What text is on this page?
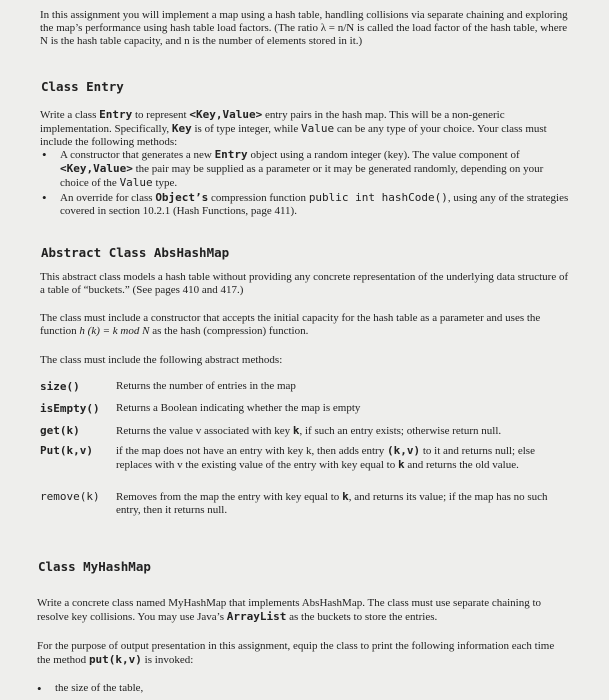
In this assignment you will implement a map using a hash table, handling collisions via separate chaining and exploring the map’s performance using hash table load factors. (The ratio λ = n/N is called the load factor of the hash table, where N is the hash table capacity, and n is the number of elements stored in it.)
Class Entry
Write a class Entry to represent <Key,Value> entry pairs in the hash map. This will be a non-generic implementation. Specifically, Key is of type integer, while Value can be any type of your choice. Your class must include the following methods:
• A constructor that generates a new Entry object using a random integer (key). The value component of <Key,Value> the pair may be supplied as a parameter or it may be generated randomly, depending on your choice of the Value type.
• An override for class Object’s compression function public int hashCode(), using any of the strategies covered in section 10.2.1 (Hash Functions, page 411).
Abstract Class AbsHashMap
This abstract class models a hash table without providing any concrete representation of the underlying data structure of a table of “buckets.” (See pages 410 and 417.)
The class must include a constructor that accepts the initial capacity for the hash table as a parameter and uses the function h (k) = k mod N as the hash (compression) function.
The class must include the following abstract methods:
size()	Returns the number of entries in the map
isEmpty()	Returns a Boolean indicating whether the map is empty
get(k)	Returns the value v associated with key k, if such an entry exists; otherwise return null.
Put(k,v)	if the map does not have an entry with key k, then adds entry (k,v) to it and returns null; else replaces with v the existing value of the entry with key equal to k and returns the old value.
remove(k)	Removes from the map the entry with key equal to k, and returns its value; if the map has no such entry, then it returns null.
Class MyHashMap
Write a concrete class named MyHashMap that implements AbsHashMap. The class must use separate chaining to resolve key collisions. You may use Java’s ArrayList as the buckets to store the entries.
For the purpose of output presentation in this assignment, equip the class to print the following information each time the method put(k,v) is invoked:
• the size of the table,
